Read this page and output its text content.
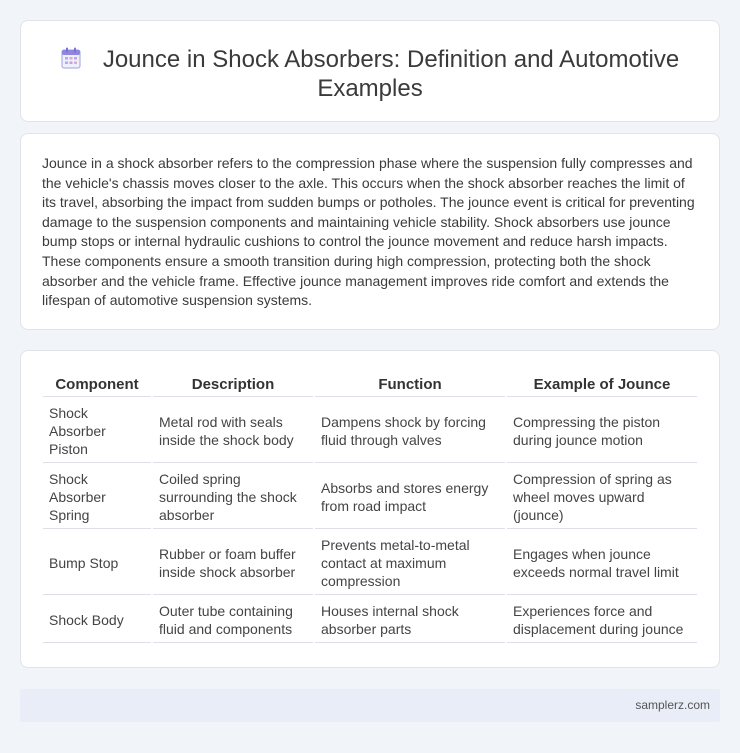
Jounce in Shock Absorbers: Definition and Automotive Examples

Jounce in a shock absorber refers to the compression phase where the suspension fully compresses and the vehicle's chassis moves closer to the axle. This occurs when the shock absorber reaches the limit of its travel, absorbing the impact from sudden bumps or potholes. The jounce event is critical for preventing damage to the suspension components and maintaining vehicle stability. Shock absorbers use jounce bump stops or internal hydraulic cushions to control the jounce movement and reduce harsh impacts. These components ensure a smooth transition during high compression, protecting both the shock absorber and the vehicle frame. Effective jounce management improves ride comfort and extends the lifespan of automotive suspension systems.

Component	Description	Function	Example of Jounce
Shock Absorber Piston	Metal rod with seals inside the shock body	Dampens shock by forcing fluid through valves	Compressing the piston during jounce motion
Shock Absorber Spring	Coiled spring surrounding the shock absorber	Absorbs and stores energy from road impact	Compression of spring as wheel moves upward (jounce)
Bump Stop	Rubber or foam buffer inside shock absorber	Prevents metal-to-metal contact at maximum compression	Engages when jounce exceeds normal travel limit
Shock Body	Outer tube containing fluid and components	Houses internal shock absorber parts	Experiences force and displacement during jounce
samplerz.com
